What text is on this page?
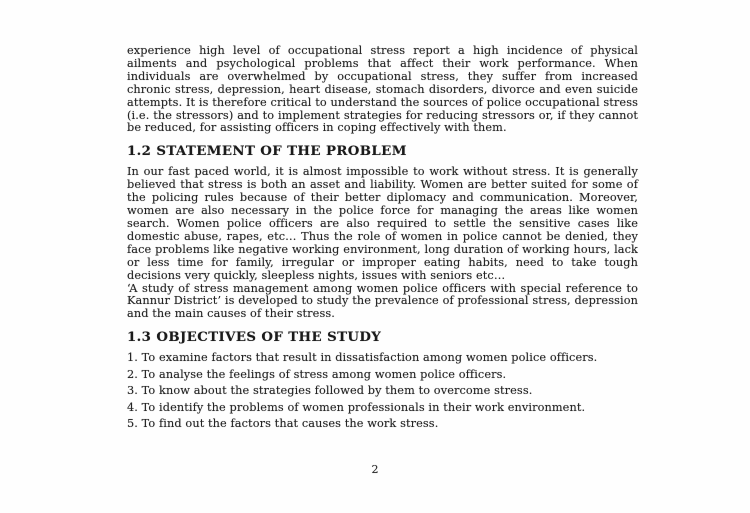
experience high level of occupational stress report a high incidence of physical ailments and psychological problems that affect their work performance. When individuals are overwhelmed by occupational stress, they suffer from increased chronic stress, depression, heart disease, stomach disorders, divorce and even suicide attempts. It is therefore critical to understand the sources of police occupational stress (i.e. the stressors) and to implement strategies for reducing stressors or, if they cannot be reduced, for assisting officers in coping effectively with them.

1.2 STATEMENT OF THE PROBLEM

In our fast paced world, it is almost impossible to work without stress. It is generally believed that stress is both an asset and liability. Women are better suited for some of the policing rules because of their better diplomacy and communication. Moreover, women are also necessary in the police force for managing the areas like women search. Women police officers are also required to settle the sensitive cases like domestic abuse, rapes, etc… Thus the role of women in police cannot be denied, they face problems like negative working environment, long duration of working hours, lack or less time for family, irregular or improper eating habits, need to take tough decisions very quickly, sleepless nights, issues with seniors etc…

‘A study of stress management among women police officers with special reference to Kannur District’ is developed to study the prevalence of professional stress, depression and the main causes of their stress.

1.3 OBJECTIVES OF THE STUDY

1. To examine factors that result in dissatisfaction among women police officers.

2. To analyse the feelings of stress among women police officers.

3. To know about the strategies followed by them to overcome stress.

4. To identify the problems of women professionals in their work environment.

5. To find out the factors that causes the work stress.

2
